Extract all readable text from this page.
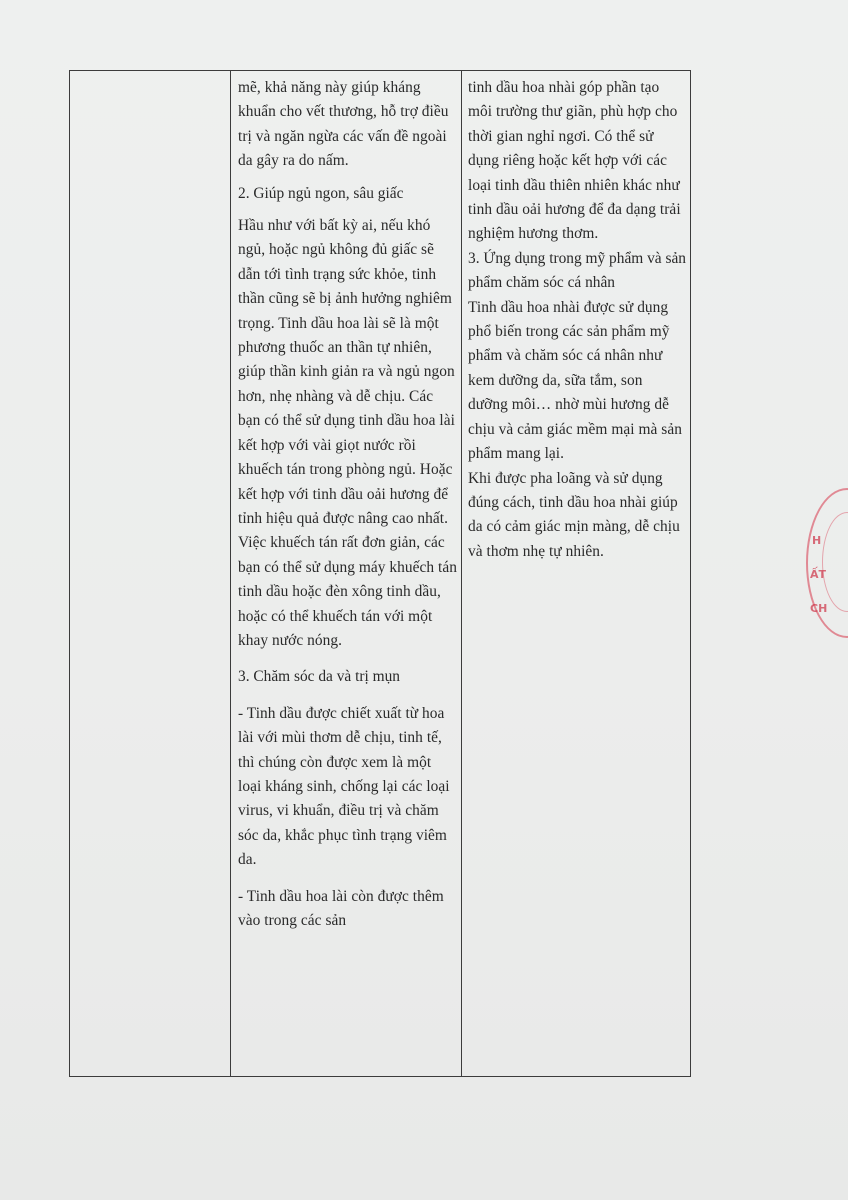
mẽ, khả năng này giúp kháng khuẩn cho vết thương, hỗ trợ điều trị và ngăn ngừa các vấn đề ngoài da gây ra do nấm.

2. Giúp ngủ ngon, sâu giấc

Hầu như với bất kỳ ai, nếu khó ngủ, hoặc ngủ không đủ giấc sẽ dẫn tới tình trạng sức khỏe, tinh thần cũng sẽ bị ảnh hưởng nghiêm trọng. Tinh dầu hoa lài sẽ là một phương thuốc an thần tự nhiên, giúp thần kinh giản ra và ngủ ngon hơn, nhẹ nhàng và dễ chịu. Các bạn có thể sử dụng tinh dầu hoa lài kết hợp với vài giọt nước rồi khuếch tán trong phòng ngủ. Hoặc kết hợp với tinh dầu oải hương để tỉnh hiệu quả được nâng cao nhất. Việc khuếch tán rất đơn giản, các bạn có thể sử dụng máy khuếch tán tinh dầu hoặc đèn xông tinh dầu, hoặc có thể khuếch tán với một khay nước nóng.

3. Chăm sóc da và trị mụn

- Tinh dầu được chiết xuất từ hoa lài với mùi thơm dễ chịu, tinh tế, thì chúng còn được xem là một loại kháng sinh, chống lại các loại virus, vi khuẩn, điều trị và chăm sóc da, khắc phục tình trạng viêm da.

- Tinh dầu hoa lài còn được thêm vào trong các sản

tinh dầu hoa nhài góp phần tạo môi trường thư giãn, phù hợp cho thời gian nghỉ ngơi. Có thể sử dụng riêng hoặc kết hợp với các loại tinh dầu thiên nhiên khác như tinh dầu oải hương để đa dạng trải nghiệm hương thơm.

3. Ứng dụng trong mỹ phẩm và sản phẩm chăm sóc cá nhân

Tinh dầu hoa nhài được sử dụng phổ biến trong các sản phẩm mỹ phẩm và chăm sóc cá nhân như kem dưỡng da, sữa tắm, son dưỡng môi… nhờ mùi hương dễ chịu và cảm giác mềm mại mà sản phẩm mang lại.

Khi được pha loãng và sử dụng đúng cách, tinh dầu hoa nhài giúp da có cảm giác mịn màng, dễ chịu và thơm nhẹ tự nhiên.

H
ẤT
CH
